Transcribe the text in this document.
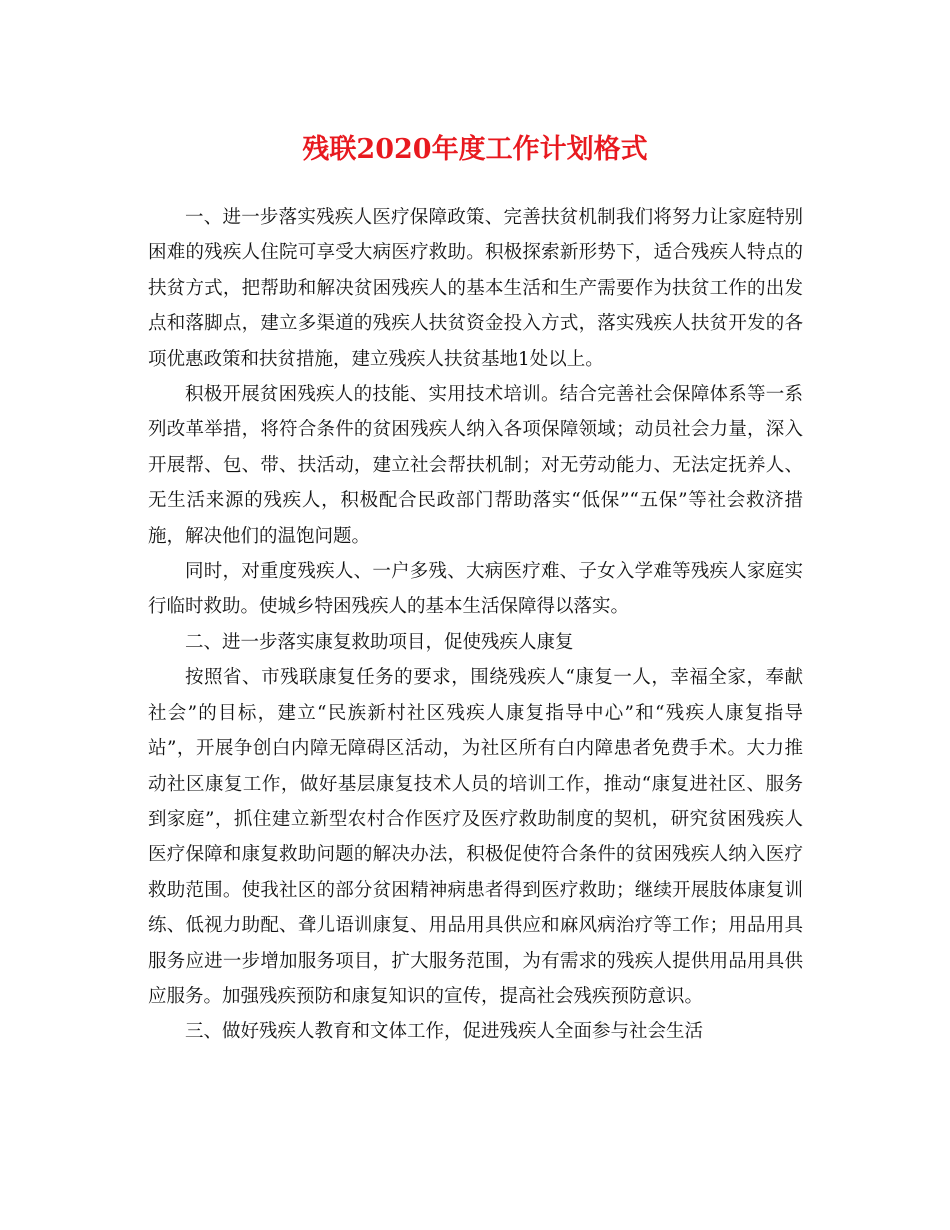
残联2020年度工作计划格式

一、进一步落实残疾人医疗保障政策、完善扶贫机制我们将努力让家庭特别困难的残疾人住院可享受大病医疗救助。积极探索新形势下，适合残疾人特点的扶贫方式，把帮助和解决贫困残疾人的基本生活和生产需要作为扶贫工作的出发点和落脚点，建立多渠道的残疾人扶贫资金投入方式，落实残疾人扶贫开发的各项优惠政策和扶贫措施，建立残疾人扶贫基地1处以上。

积极开展贫困残疾人的技能、实用技术培训。结合完善社会保障体系等一系列改革举措，将符合条件的贫困残疾人纳入各项保障领域；动员社会力量，深入开展帮、包、带、扶活动，建立社会帮扶机制；对无劳动能力、无法定抚养人、无生活来源的残疾人，积极配合民政部门帮助落实“低保”“五保”等社会救济措施，解决他们的温饱问题。

同时，对重度残疾人、一户多残、大病医疗难、子女入学难等残疾人家庭实行临时救助。使城乡特困残疾人的基本生活保障得以落实。

二、进一步落实康复救助项目，促使残疾人康复

按照省、市残联康复任务的要求，围绕残疾人“康复一人，幸福全家，奉献社会”的目标，建立“民族新村社区残疾人康复指导中心”和“残疾人康复指导站”，开展争创白内障无障碍区活动，为社区所有白内障患者免费手术。大力推动社区康复工作，做好基层康复技术人员的培训工作，推动“康复进社区、服务到家庭”，抓住建立新型农村合作医疗及医疗救助制度的契机，研究贫困残疾人医疗保障和康复救助问题的解决办法，积极促使符合条件的贫困残疾人纳入医疗救助范围。使我社区的部分贫困精神病患者得到医疗救助；继续开展肢体康复训练、低视力助配、聋儿语训康复、用品用具供应和麻风病治疗等工作；用品用具服务应进一步增加服务项目，扩大服务范围，为有需求的残疾人提供用品用具供应服务。加强残疾预防和康复知识的宣传，提高社会残疾预防意识。

三、做好残疾人教育和文体工作，促进残疾人全面参与社会生活
